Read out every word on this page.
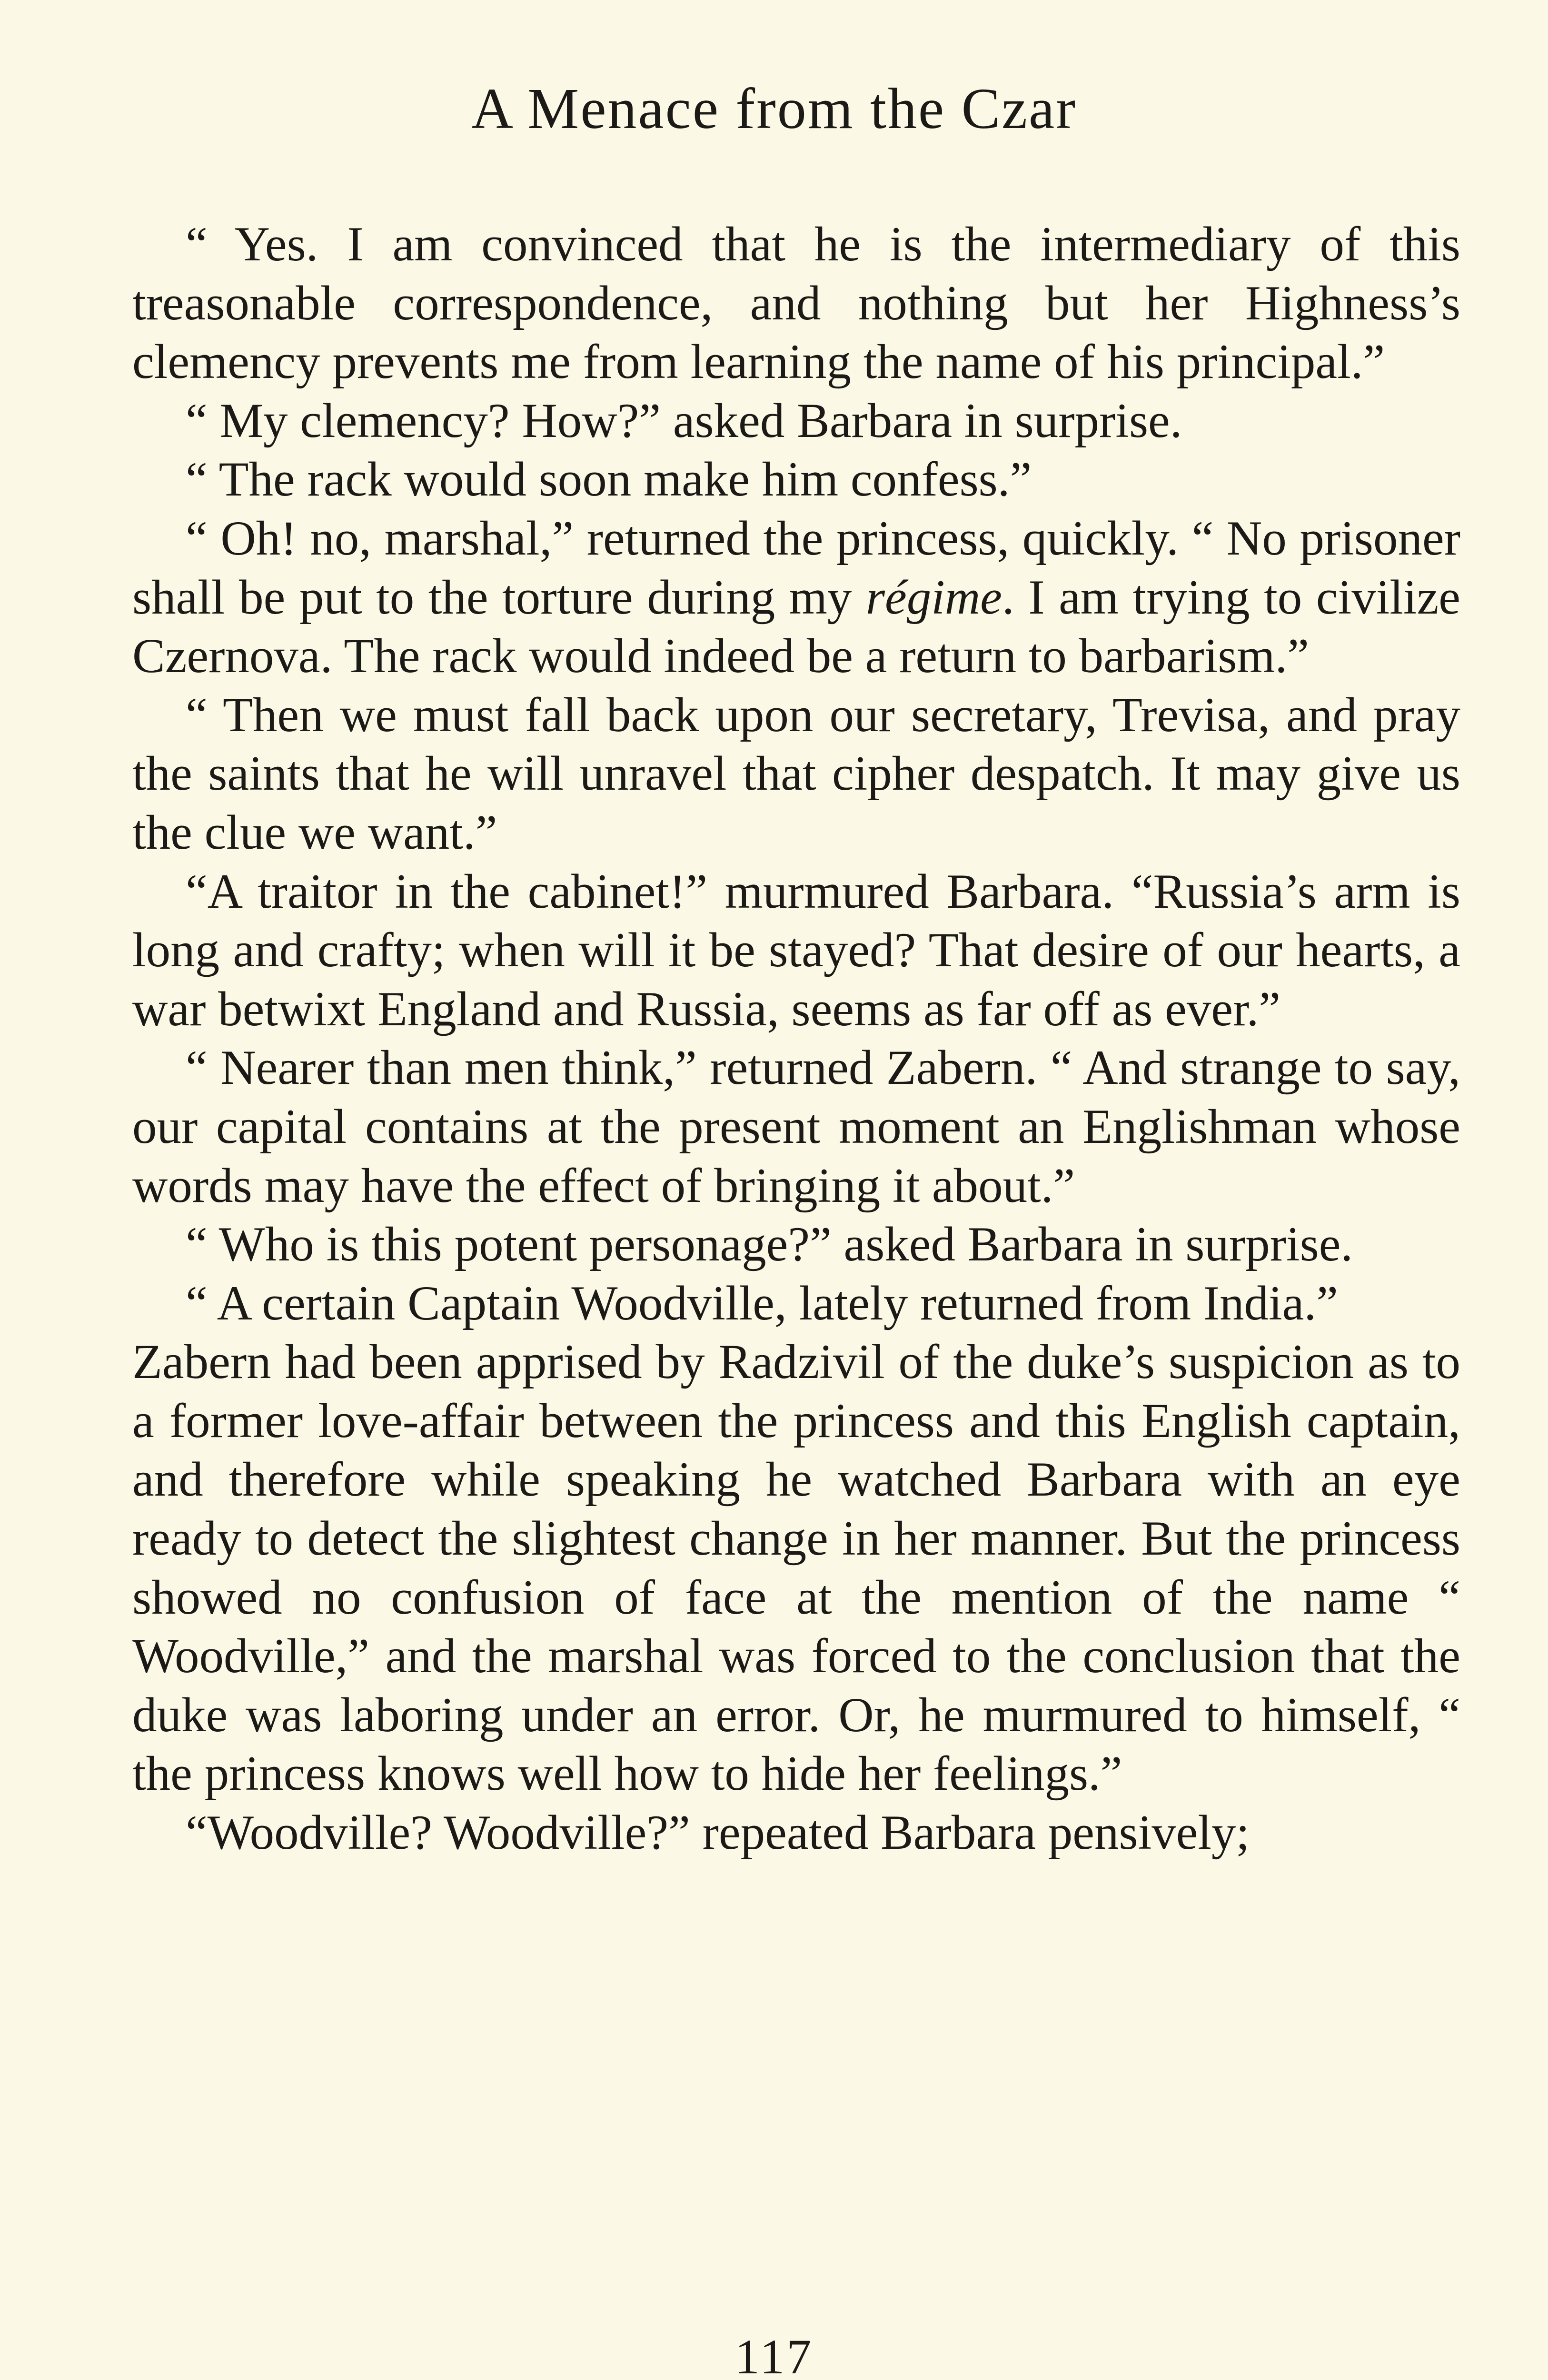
A Menace from the Czar

“ Yes. I am convinced that he is the intermediary of this treasonable correspondence, and nothing but her Highness’s clemency prevents me from learning the name of his principal.”

“ My clemency? How?” asked Barbara in surprise.

“ The rack would soon make him confess.”

“ Oh! no, marshal,” returned the princess, quickly. “ No prisoner shall be put to the torture during my régime. I am trying to civilize Czernova. The rack would indeed be a return to barbarism.”

“ Then we must fall back upon our secretary, Trevisa, and pray the saints that he will unravel that cipher despatch. It may give us the clue we want.”

“A traitor in the cabinet!” murmured Barbara. “Russia’s arm is long and crafty; when will it be stayed? That desire of our hearts, a war betwixt England and Russia, seems as far off as ever.”

“ Nearer than men think,” returned Zabern. “ And strange to say, our capital contains at the present moment an Englishman whose words may have the effect of bringing it about.”

“ Who is this potent personage?” asked Barbara in surprise.

“ A certain Captain Woodville, lately returned from India.”

Zabern had been apprised by Radzivil of the duke’s suspicion as to a former love-affair between the princess and this English captain, and therefore while speaking he watched Barbara with an eye ready to detect the slightest change in her manner. But the princess showed no confusion of face at the mention of the name “ Woodville,” and the marshal was forced to the conclusion that the duke was laboring under an error. Or, he murmured to himself, “ the princess knows well how to hide her feelings.”

“Woodville? Woodville?” repeated Barbara pensively;

117
